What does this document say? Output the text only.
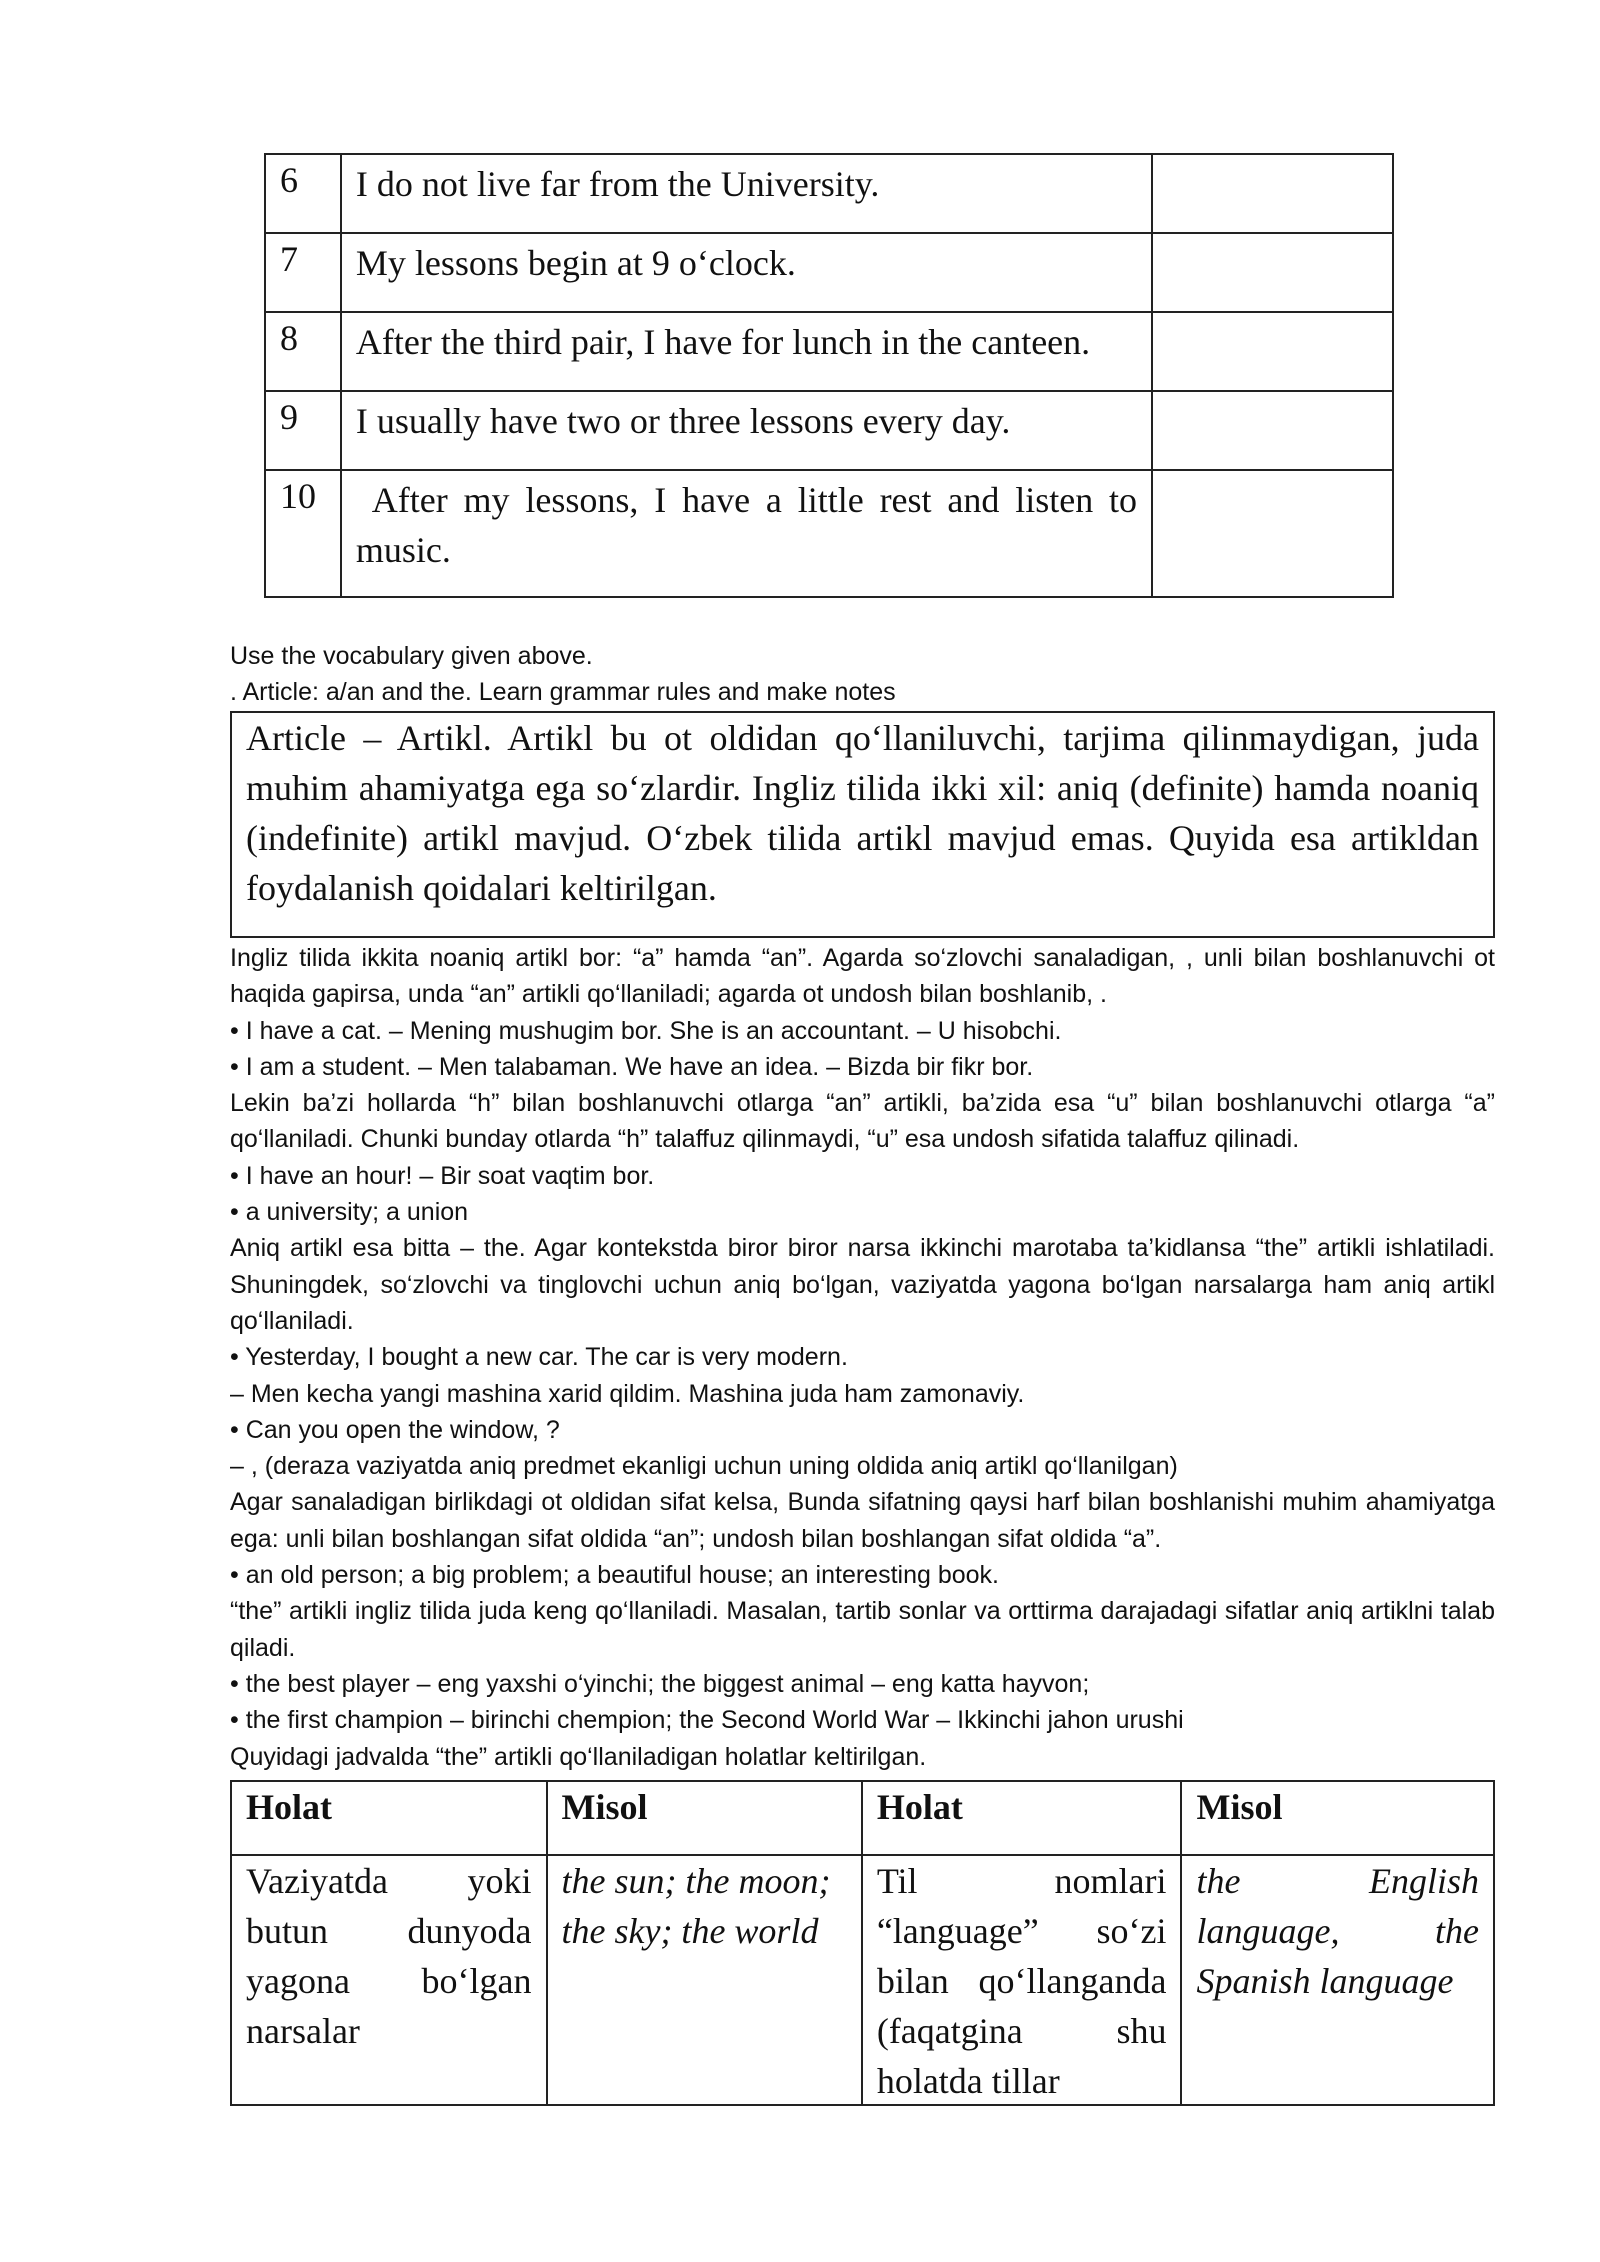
6	I do not live far from the University.	
7	My lessons begin at 9 o‘clock.	
8	After the third pair, I have for lunch in the canteen.	
9	I usually have two or three lessons every day.	
10	After my lessons, I have a little rest and listen to music.	

Use the vocabulary given above.

. Article: a/an and the. Learn grammar rules and make notes

Article – Artikl. Artikl bu ot oldidan qo‘llaniluvchi, tarjima qilinmaydigan, juda muhim ahamiyatga ega so‘zlardir. Ingliz tilida ikki xil: aniq (definite) hamda noaniq (indefinite) artikl mavjud. O‘zbek tilida artikl mavjud emas. Quyida esa artikldan foydalanish qoidalari keltirilgan.

Ingliz tilida ikkita noaniq artikl bor: “a” hamda “an”. Agarda so‘zlovchi sanaladigan, , unli bilan boshlanuvchi ot haqida gapirsa, unda “an” artikli qo‘llaniladi; agarda ot undosh bilan boshlanib, .

• I have a cat. – Mening mushugim bor. She is an accountant. – U hisobchi.

• I am a student. – Men talabaman. We have an idea. – Bizda bir fikr bor.

Lekin ba’zi hollarda “h” bilan boshlanuvchi otlarga “an” artikli, ba’zida esa “u” bilan boshlanuvchi otlarga “a” qo‘llaniladi. Chunki bunday otlarda “h” talaffuz qilinmaydi, “u” esa undosh sifatida talaffuz qilinadi.

• I have an hour! – Bir soat vaqtim bor.

• a university; a union

Aniq artikl esa bitta – the. Agar kontekstda biror biror narsa ikkinchi marotaba ta’kidlansa “the” artikli ishlatiladi. Shuningdek, so‘zlovchi va tinglovchi uchun aniq bo‘lgan, vaziyatda yagona bo‘lgan narsalarga ham aniq artikl qo‘llaniladi.

• Yesterday, I bought a new car. The car is very modern.

– Men kecha yangi mashina xarid qildim. Mashina juda ham zamonaviy.

• Can you open the window, ?

– , (deraza vaziyatda aniq predmet ekanligi uchun uning oldida aniq artikl qo‘llanilgan)

Agar sanaladigan birlikdagi ot oldidan sifat kelsa, Bunda sifatning qaysi harf bilan boshlanishi muhim ahamiyatga ega: unli bilan boshlangan sifat oldida “an”; undosh bilan boshlangan sifat oldida “a”.

• an old person; a big problem; a beautiful house; an interesting book.

“the” artikli ingliz tilida juda keng qo‘llaniladi. Masalan, tartib sonlar va orttirma darajadagi sifatlar aniq artiklni talab qiladi.

• the best player – eng yaxshi o‘yinchi; the biggest animal – eng katta hayvon;

• the first champion – birinchi chempion; the Second World War – Ikkinchi jahon urushi

Quyidagi jadvalda “the” artikli qo‘llaniladigan holatlar keltirilgan.

Holat	Misol	Holat	Misol

Vaziyatda yoki butun dunyoda yagona bo‘lgan narsalar	the sun; the moon; the sky; the world	Til nomlari “language” so‘zi bilan qo‘llanganda (faqatgina shu holatda tillar	the English language, the Spanish language
